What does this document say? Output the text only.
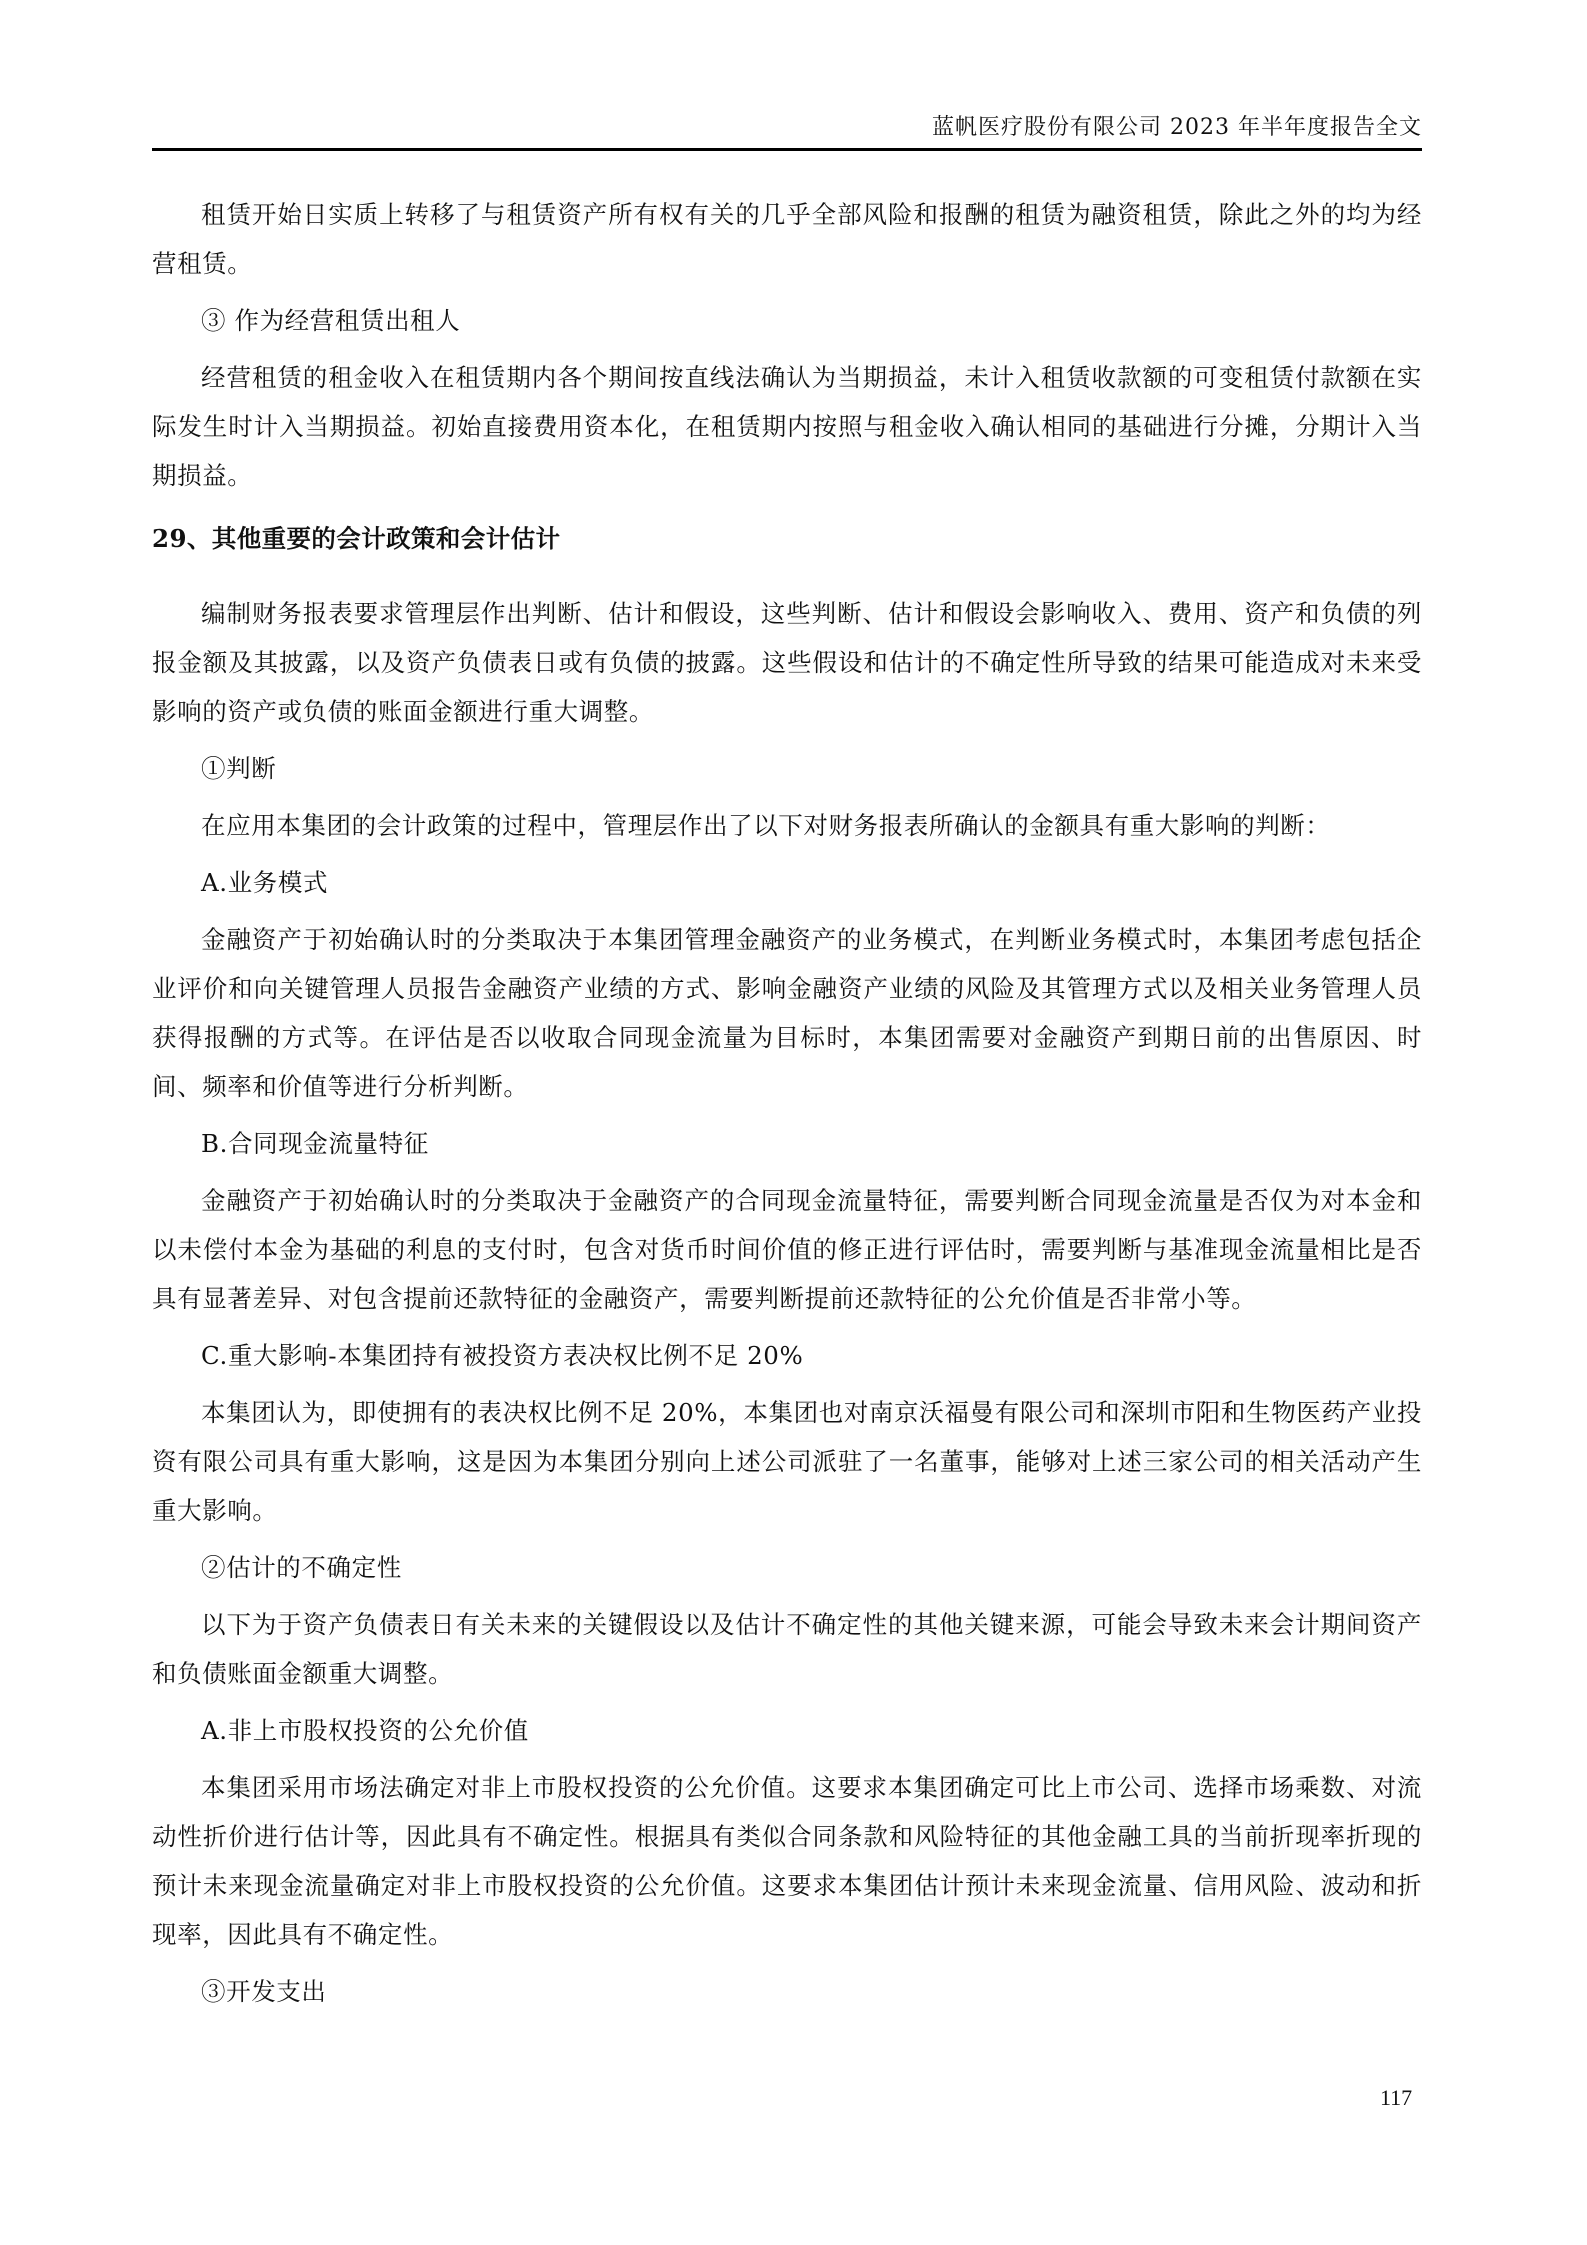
蓝帆医疗股份有限公司 2023 年半年度报告全文

租赁开始日实质上转移了与租赁资产所有权有关的几乎全部风险和报酬的租赁为融资租赁，除此之外的均为经营租赁。

③ 作为经营租赁出租人

经营租赁的租金收入在租赁期内各个期间按直线法确认为当期损益，未计入租赁收款额的可变租赁付款额在实际发生时计入当期损益。初始直接费用资本化，在租赁期内按照与租金收入确认相同的基础进行分摊，分期计入当期损益。

29、其他重要的会计政策和会计估计

编制财务报表要求管理层作出判断、估计和假设，这些判断、估计和假设会影响收入、费用、资产和负债的列报金额及其披露，以及资产负债表日或有负债的披露。这些假设和估计的不确定性所导致的结果可能造成对未来受影响的资产或负债的账面金额进行重大调整。

①判断

在应用本集团的会计政策的过程中，管理层作出了以下对财务报表所确认的金额具有重大影响的判断：

A.业务模式

金融资产于初始确认时的分类取决于本集团管理金融资产的业务模式，在判断业务模式时，本集团考虑包括企业评价和向关键管理人员报告金融资产业绩的方式、影响金融资产业绩的风险及其管理方式以及相关业务管理人员获得报酬的方式等。在评估是否以收取合同现金流量为目标时，本集团需要对金融资产到期日前的出售原因、时间、频率和价值等进行分析判断。

B.合同现金流量特征

金融资产于初始确认时的分类取决于金融资产的合同现金流量特征，需要判断合同现金流量是否仅为对本金和以未偿付本金为基础的利息的支付时，包含对货币时间价值的修正进行评估时，需要判断与基准现金流量相比是否具有显著差异、对包含提前还款特征的金融资产，需要判断提前还款特征的公允价值是否非常小等。

C.重大影响-本集团持有被投资方表决权比例不足 20%

本集团认为，即使拥有的表决权比例不足 20%，本集团也对南京沃福曼有限公司和深圳市阳和生物医药产业投资有限公司具有重大影响，这是因为本集团分别向上述公司派驻了一名董事，能够对上述三家公司的相关活动产生重大影响。

②估计的不确定性

以下为于资产负债表日有关未来的关键假设以及估计不确定性的其他关键来源，可能会导致未来会计期间资产和负债账面金额重大调整。

A.非上市股权投资的公允价值

本集团采用市场法确定对非上市股权投资的公允价值。这要求本集团确定可比上市公司、选择市场乘数、对流动性折价进行估计等，因此具有不确定性。根据具有类似合同条款和风险特征的其他金融工具的当前折现率折现的预计未来现金流量确定对非上市股权投资的公允价值。这要求本集团估计预计未来现金流量、信用风险、波动和折现率，因此具有不确定性。

③开发支出

117
